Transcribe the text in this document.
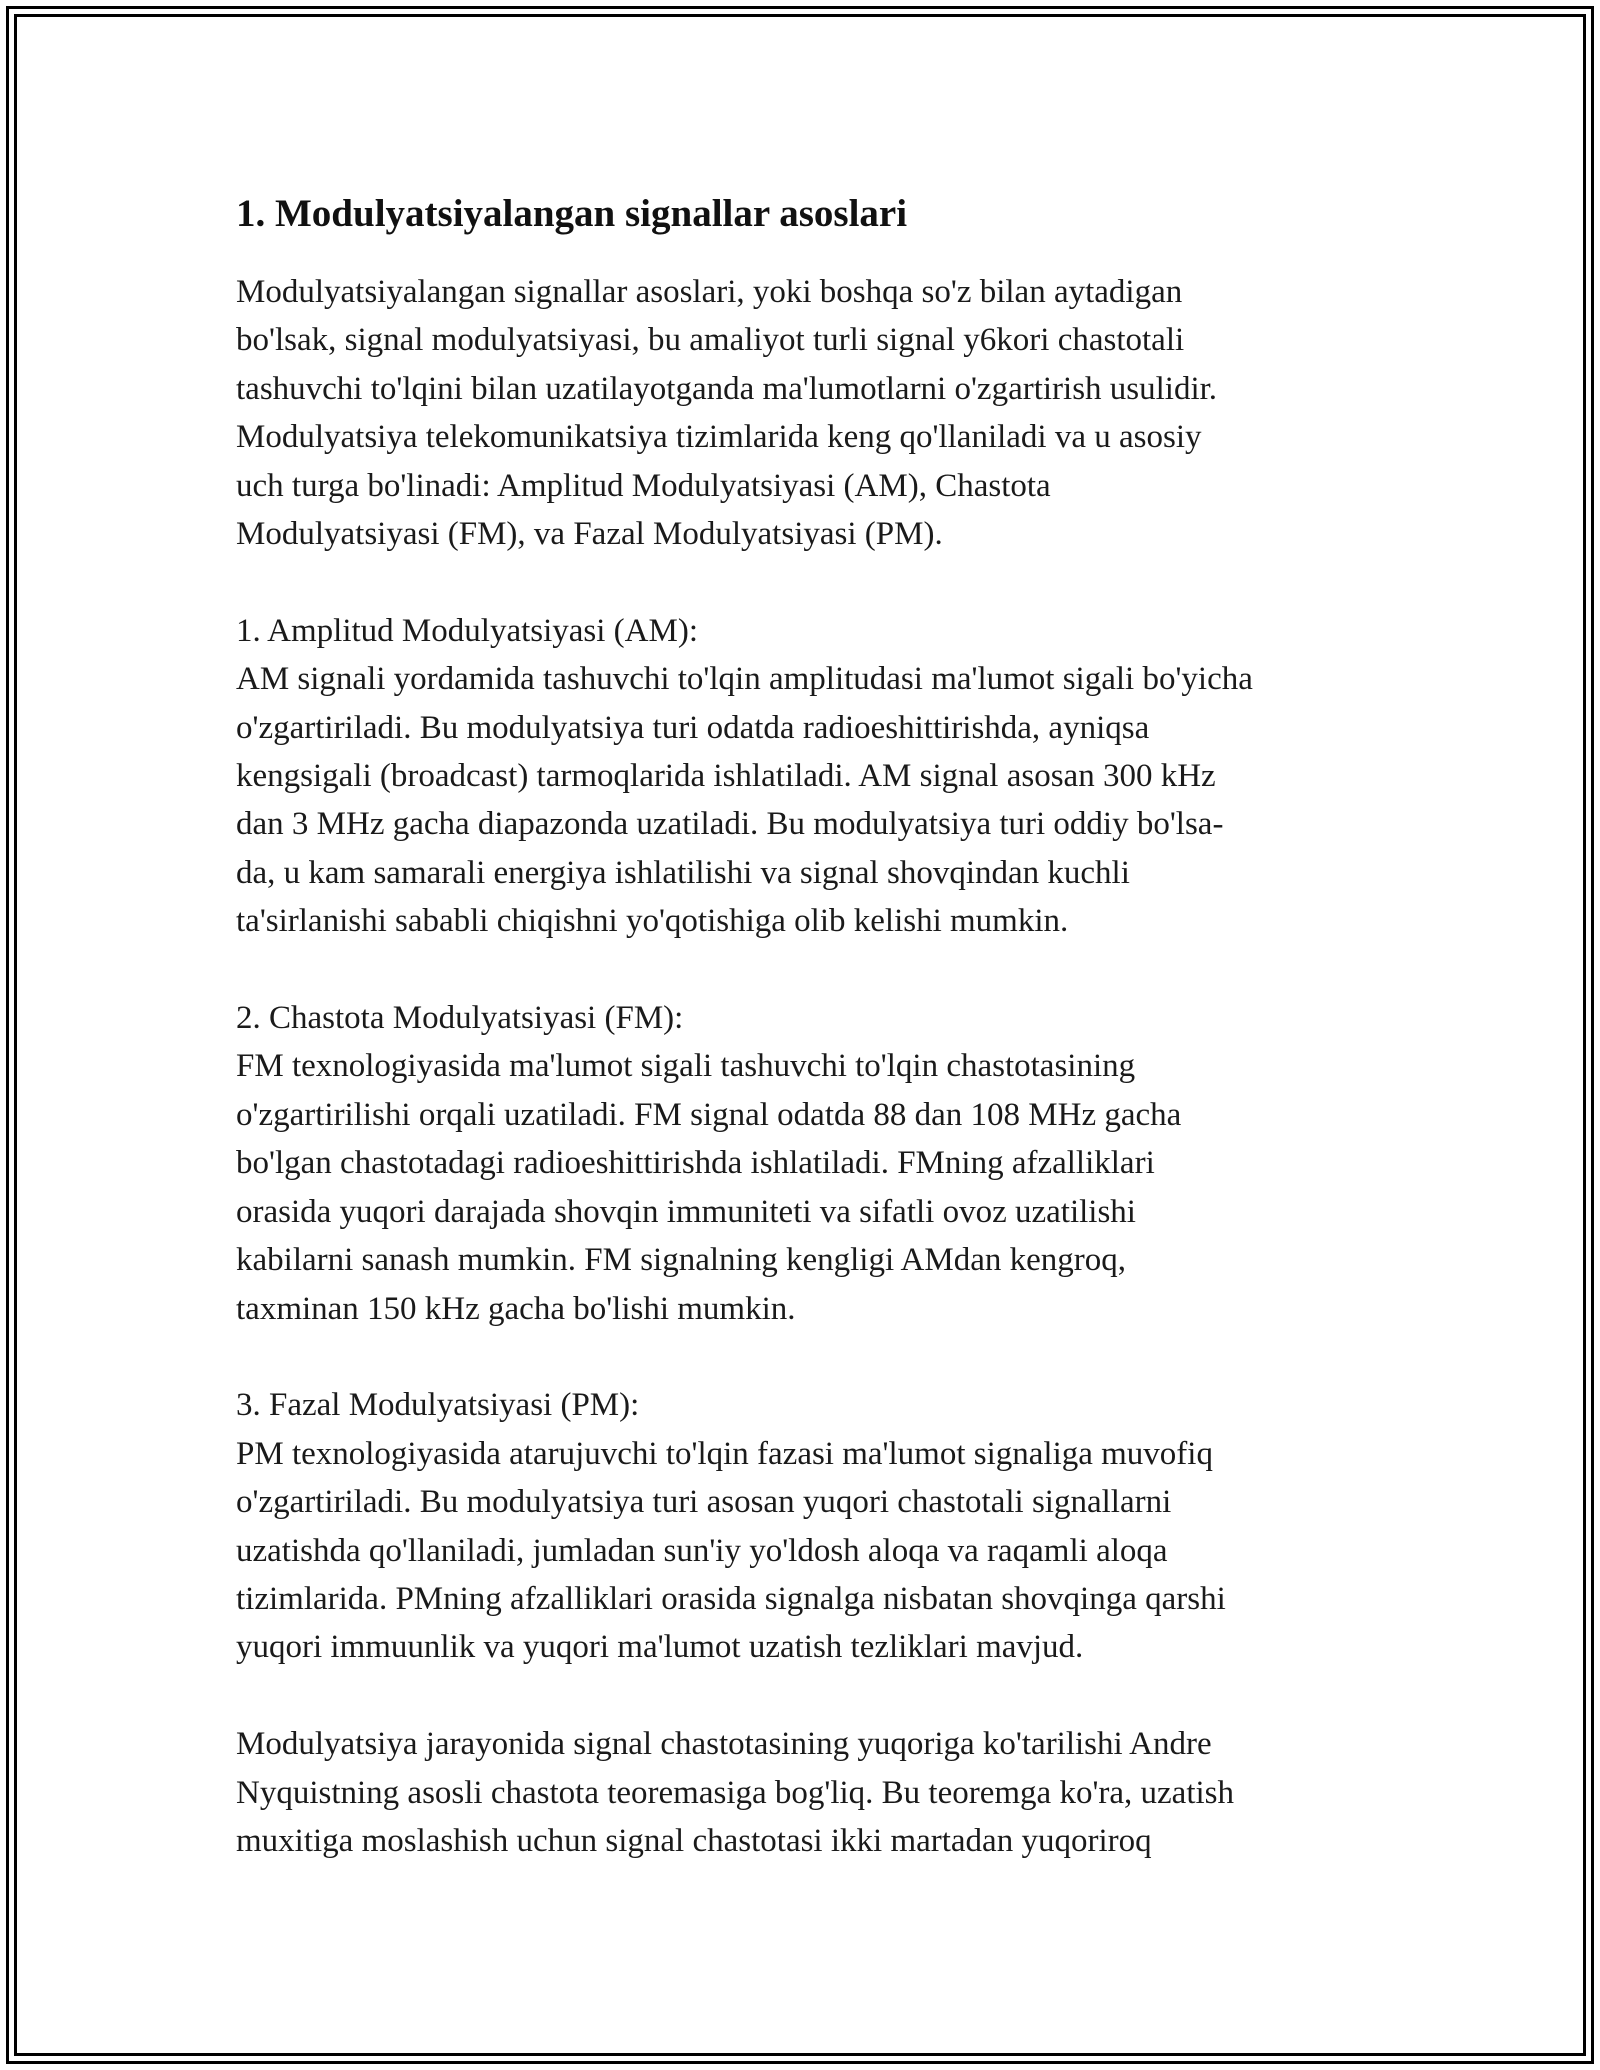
1. Modulyatsiyalangan signallar asoslari
Modulyatsiyalangan signallar asoslari, yoki boshqa so'z bilan aytadigan
bo'lsak, signal modulyatsiyasi, bu amaliyot turli signal y6kori chastotali
tashuvchi to'lqini bilan uzatilayotganda ma'lumotlarni o'zgartirish usulidir.
Modulyatsiya telekomunikatsiya tizimlarida keng qo'llaniladi va u asosiy
uch turga bo'linadi: Amplitud Modulyatsiyasi (AM), Chastota
Modulyatsiyasi (FM), va Fazal Modulyatsiyasi (PM).
1. Amplitud Modulyatsiyasi (AM):
AM signali yordamida tashuvchi to'lqin amplitudasi ma'lumot sigali bo'yicha
o'zgartiriladi. Bu modulyatsiya turi odatda radioeshittirishda, ayniqsa
kengsigali (broadcast) tarmoqlarida ishlatiladi. AM signal asosan 300 kHz
dan 3 MHz gacha diapazonda uzatiladi. Bu modulyatsiya turi oddiy bo'lsa-
da, u kam samarali energiya ishlatilishi va signal shovqindan kuchli
ta'sirlanishi sababli chiqishni yo'qotishiga olib kelishi mumkin.
2. Chastota Modulyatsiyasi (FM):
FM texnologiyasida ma'lumot sigali tashuvchi to'lqin chastotasining
o'zgartirilishi orqali uzatiladi. FM signal odatda 88 dan 108 MHz gacha
bo'lgan chastotadagi radioeshittirishda ishlatiladi. FMning afzalliklari
orasida yuqori darajada shovqin immuniteti va sifatli ovoz uzatilishi
kabilarni sanash mumkin. FM signalning kengligi AMdan kengroq,
taxminan 150 kHz gacha bo'lishi mumkin.
3. Fazal Modulyatsiyasi (PM):
PM texnologiyasida atarujuvchi to'lqin fazasi ma'lumot signaliga muvofiq
o'zgartiriladi. Bu modulyatsiya turi asosan yuqori chastotali signallarni
uzatishda qo'llaniladi, jumladan sun'iy yo'ldosh aloqa va raqamli aloqa
tizimlarida. PMning afzalliklari orasida signalga nisbatan shovqinga qarshi
yuqori immuunlik va yuqori ma'lumot uzatish tezliklari mavjud.
Modulyatsiya jarayonida signal chastotasining yuqoriga ko'tarilishi Andre
Nyquistning asosli chastota teoremasiga bog'liq. Bu teoremga ko'ra, uzatish
muxitiga moslashish uchun signal chastotasi ikki martadan yuqoriroq
